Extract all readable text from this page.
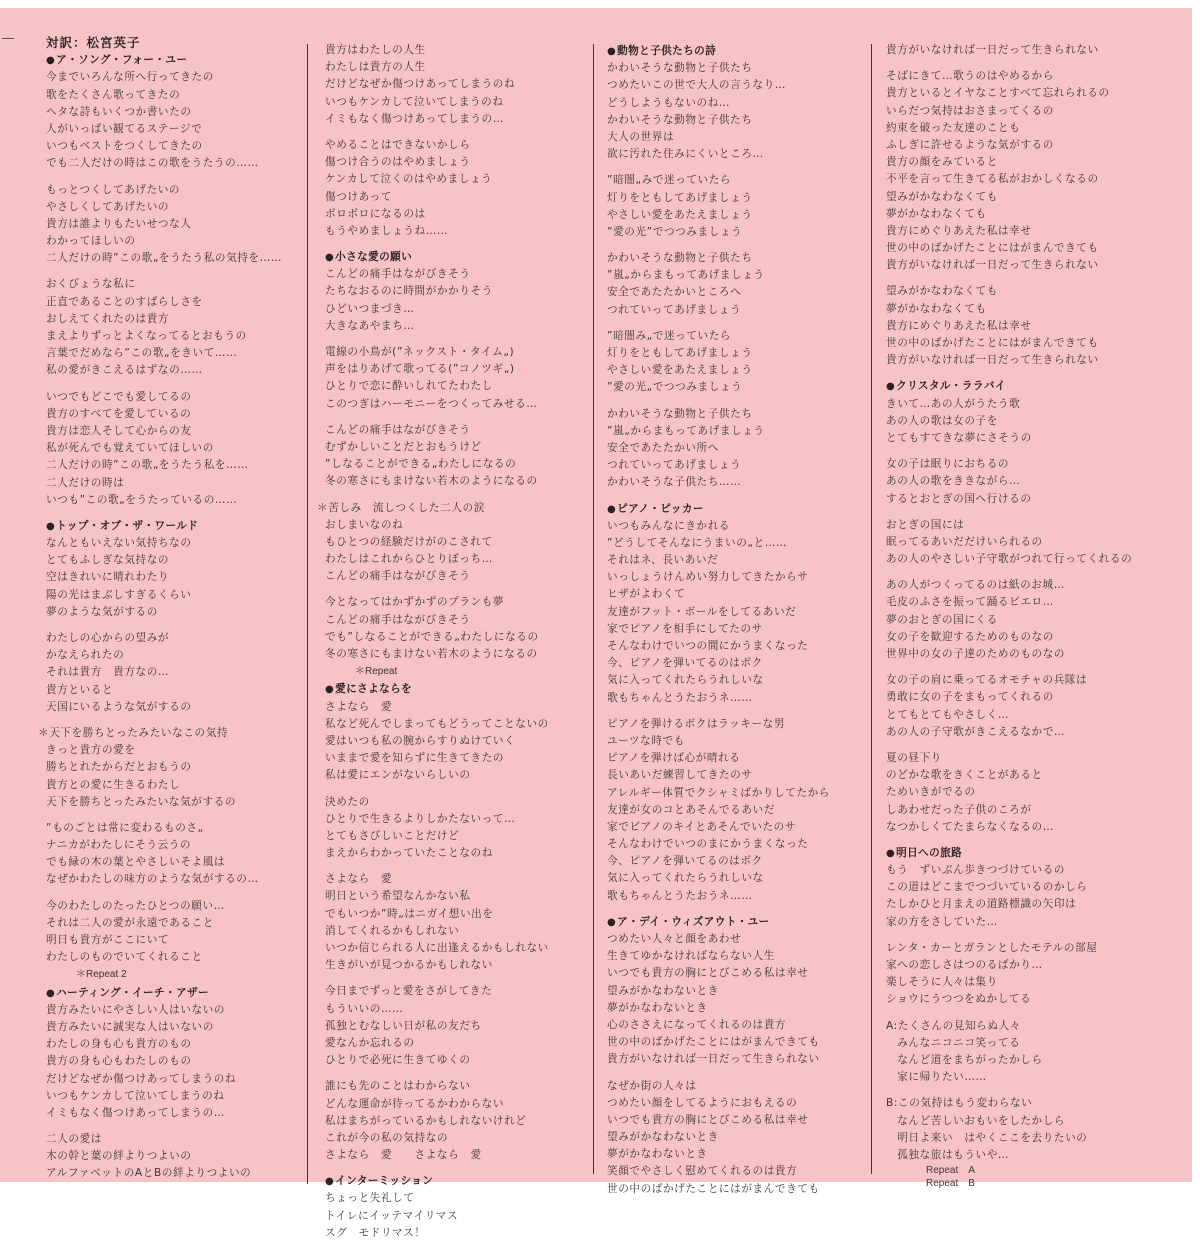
対訳：松宮英子
●ア・ソング・フォー・ユー
今までいろんな所へ行ってきたの
歌をたくさん歌ってきたの
ヘタな詩もいくつか書いたの
人がいっぱい観てるステージで
いつもベストをつくしてきたの
でも二人だけの時はこの歌をうたうの……
もっとつくしてあげたいの
やさしくしてあげたいの
貴方は誰よりもたいせつな人
わかってほしいの
二人だけの時”この歌„をうたう私の気持を……
おくびょうな私に
正直であることのすばらしさを
おしえてくれたのは貴方
まえよりずっとよくなってるとおもうの
言葉でだめなら”この歌„をきいて……
私の愛がきこえるはずなの……
いつでもどこでも愛してるの
貴方のすべてを愛しているの
貴方は恋人そして心からの友
私が死んでも覚えていてほしいの
二人だけの時”この歌„をうたう私を……
二人だけの時は
いつも”この歌„をうたっているの……
●トップ・オブ・ザ・ワールド
なんともいえない気持ちなの
とてもふしぎな気持なの
空はきれいに晴れわたり
陽の光はまぶしすぎるくらい
夢のような気がするの
わたしの心からの望みが
かなえられたの
それは貴方　貴方なの…
貴方といると
天国にいるような気がするの
＊天下を勝ちとったみたいなこの気持
きっと貴方の愛を
勝ちとれたからだとおもうの
貴方との愛に生きるわたし
天下を勝ちとったみたいな気がするの
”ものごとは常に変わるものさ„
ナニカがわたしにそう云うの
でも緑の木の葉とやさしいそよ風は
なぜかわたしの味方のような気がするの…
今のわたしのたったひとつの願い…
それは二人の愛が永遠であること
明日も貴方がここにいて
わたしのものでいてくれること
＊Repeat 2
●ハーティング・イーチ・アザー
貴方みたいにやさしい人はいないの
貴方みたいに誠実な人はいないの
わたしの身も心も貴方のもの
貴方の身も心もわたしのもの
だけどなぜか傷つけあってしまうのね
いつもケンカして泣いてしまうのね
イミもなく傷つけあってしまうの…
二人の愛は
木の幹と葉の絆よりつよいの
アルファベットのAとBの絆よりつよいの
貴方はわたしの人生
わたしは貴方の人生
だけどなぜか傷つけあってしまうのね
いつもケンカして泣いてしまうのね
イミもなく傷つけあってしまうの…
やめることはできないかしら
傷つけ合うのはやめましょう
ケンカして泣くのはやめましょう
傷つけあって
ボロボロになるのは
もうやめましょうね……
●小さな愛の願い
こんどの痛手はながびきそう
たちなおるのに時間がかかりそう
ひどいつまづき…
大きなあやまち…
電線の小鳥が(”ネックスト・タイム„)
声をはりあげて歌ってる(”コノツギ„)
ひとりで恋に酔いしれてたわたし
このつぎはハーモニーをつくってみせる…
こんどの痛手はながびきそう
むずかしいことだとおもうけど
”しなることができる„わたしになるの
冬の寒さにもまけない若木のようになるの
＊苦しみ　流しつくした二人の涙
おしまいなのね
もひとつの経験だけがのこされて
わたしはこれからひとりぼっち…
こんどの痛手はながびきそう
今となってはかずかずのプランも夢
こんどの痛手はながびきそう
でも”しなることができる„わたしになるの
冬の寒さにもまけない若木のようになるの
＊Repeat
●愛にさよならを
さよなら　愛
私など死んでしまってもどうってことないの
愛はいつも私の腕からすりぬけていく
いままで愛を知らずに生きてきたの
私は愛にエンがないらしいの
決めたの
ひとりで生きるよりしかたないって…
とてもさびしいことだけど
まえからわかっていたことなのね
さよなら　愛
明日という希望なんかない私
でもいつか”時„はニガイ想い出を
消してくれるかもしれない
いつか信じられる人に出逢えるかもしれない
生きがいが見つかるかもしれない
今日までずっと愛をさがしてきた
もういいの……
孤独とむなしい日が私の友だち
愛なんか忘れるの
ひとりで必死に生きてゆくの
誰にも先のことはわからない
どんな運命が待ってるかわからない
私はまちがっているかもしれないけれど
これが今の私の気持なの
さよなら　愛　　さよなら　愛
●インターミッション
ちょっと失礼して
トイレにイッテマイリマス
スグ　モドリマス！
●動物と子供たちの詩
かわいそうな動物と子供たち
つめたいこの世で大人の言うなり…
どうしようもないのね…
かわいそうな動物と子供たち
大人の世界は
欲に汚れた住みにくいところ…
”暗闇„みで迷っていたら
灯りをともしてあげましょう
やさしい愛をあたえましょう
”愛の光”でつつみましょう
かわいそうな動物と子供たち
”嵐„からまもってあげましょう
安全であたたかいところへ
つれていってあげましょう
”暗闇み„で迷っていたら
灯りをともしてあげましょう
やさしい愛をあたえましょう
”愛の光„でつつみましょう
かわいそうな動物と子供たち
”嵐„からまもってあげましょう
安全であたたかい所へ
つれていってあげましょう
かわいそうな子供たち……
●ピアノ・ピッカー
いつもみんなにきかれる
”どうしてそんなにうまいの„と……
それはネ、長いあいだ
いっしょうけんめい努力してきたからサ
ヒザがよわくて
友達がフット・ボールをしてるあいだ
家でピアノを相手にしてたのサ
そんなわけでいつの間にかうまくなった
今、ピアノを弾いてるのはボク
気に入ってくれたらうれしいな
歌もちゃんとうたおうネ……
ピアノを弾けるボクはラッキーな男
ユーツな時でも
ピアノを弾けば心が晴れる
長いあいだ練習してきたのサ
アレルギー体質でクシャミばかりしてたから
友達が女のコとあそんでるあいだ
家でピアノのキイとあそんでいたのサ
そんなわけでいつのまにかうまくなった
今、ピアノを弾いてるのはボク
気に入ってくれたらうれしいな
歌もちゃんとうたおうネ……
●ア・デイ・ウィズアウト・ユー
つめたい人々と顔をあわせ
生きてゆかなければならない人生
いつでも貴方の胸にとびこめる私は幸せ
望みがかなわないとき
夢がかなわないとき
心のささえになってくれるのは貴方
世の中のばかげたことにはがまんできても
貴方がいなければ一日だって生きられない
なぜか街の人々は
つめたい顔をしてるようにおもえるの
いつでも貴方の胸にとびこめる私は幸せ
望みがかなわないとき
夢がかなわないとき
笑顔でやさしく慰めてくれるのは貴方
世の中のばかげたことにはがまんできても
貴方がいなければ一日だって生きられない
そばにきて…歌うのはやめるから
貴方といるとイヤなことすべて忘れられるの
いらだつ気持はおさまってくるの
約束を破った友達のことも
ふしぎに許せるような気がするの
貴方の顔をみていると
不平を言って生きてる私がおかしくなるの
望みがかなわなくても
夢がかなわなくても
貴方にめぐりあえた私は幸せ
世の中のばかげたことにはがまんできても
貴方がいなければ一日だって生きられない
望みがかなわなくても
夢がかなわなくても
貴方にめぐりあえた私は幸せ
世の中のばかげたことにはがまんできても
貴方がいなければ一日だって生きられない
●クリスタル・ララバイ
きいて…あの人がうたう歌
あの人の歌は女の子を
とてもすてきな夢にさそうの
女の子は眠りにおちるの
あの人の歌をききながら…
するとおとぎの国へ行けるの
おとぎの国には
眠ってるあいだだけいられるの
あの人のやさしい子守歌がつれて行ってくれるの
あの人がつくってるのは紙のお城…
毛皮のふさを振って踊るピエロ…
夢のおとぎの国にくる
女の子を歓迎するためのものなの
世界中の女の子達のためのものなの
女の子の肩に乗ってるオモチャの兵隊は
勇敢に女の子をまもってくれるの
とてもとてもやさしく…
あの人の子守歌がきこえるなかで…
夏の昼下り
のどかな歌をきくことがあると
ためいきがでるの
しあわせだった子供のころが
なつかしくてたまらなくなるの…
●明日への旅路
もう　ずいぶん歩きつづけているの
この道はどこまでつづいているのかしら
たしかひと月まえの道路標識の矢印は
家の方をさしていた…
レンタ・カーとガランとしたモテルの部屋
家への恋しさはつのるばかり…
楽しそうに人々は集り
ショウにうつつをぬかしてる
A:たくさんの見知らぬ人々
　みんなニコニコ笑ってる
　なんど道をまちがったかしら
　家に帰りたい……
B:この気持はもう変わらない
　なんど苦しいおもいをしたかしら
　明日よ来い　はやくここを去りたいの
　孤独な旅はもういや…
Repeat　A
Repeat　B
